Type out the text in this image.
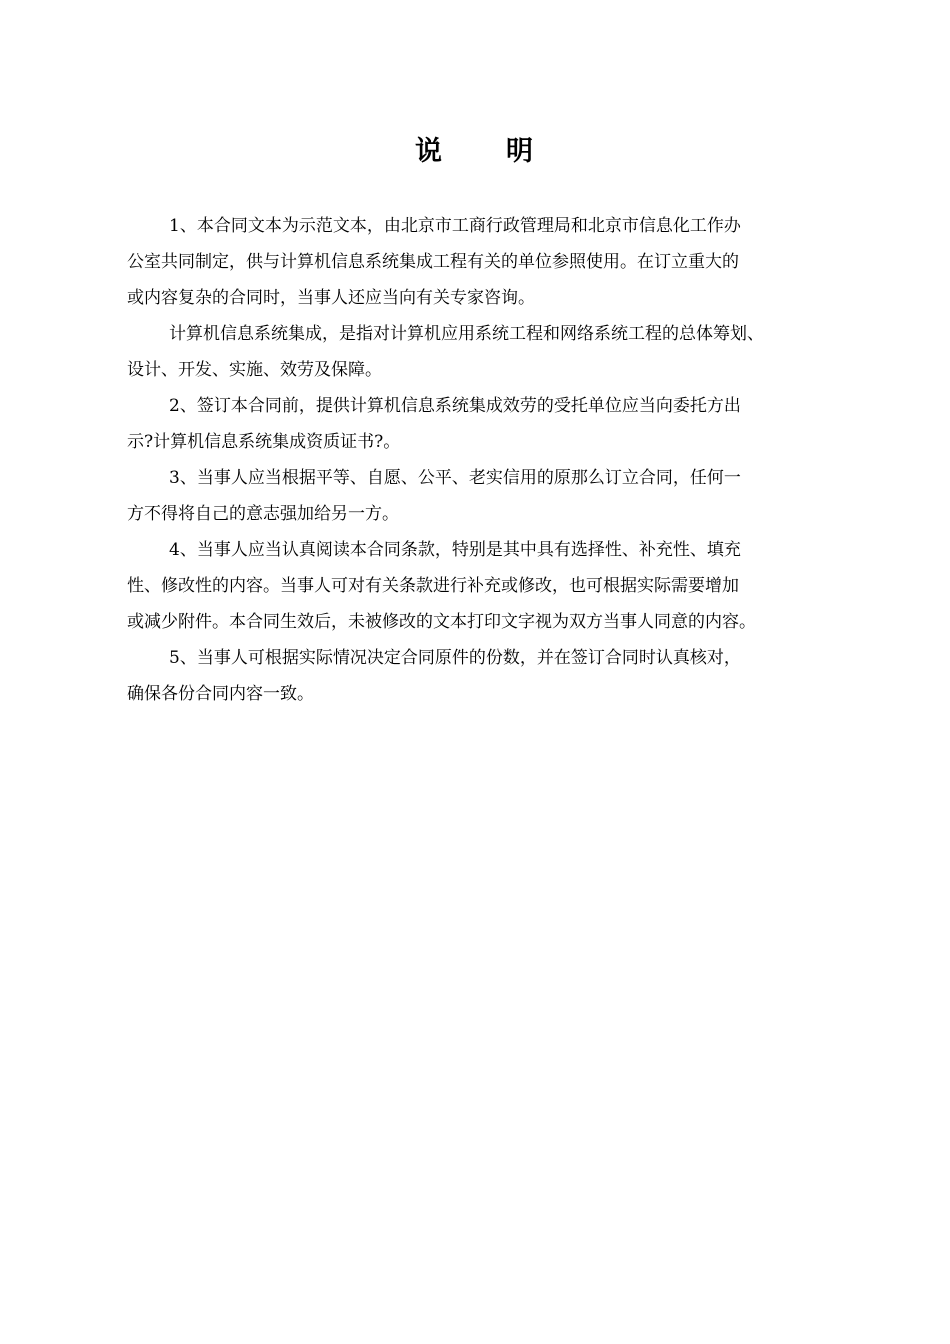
说 明
1、本合同文本为示范文本，由北京市工商行政管理局和北京市信息化工作办
公室共同制定，供与计算机信息系统集成工程有关的单位参照使用。在订立重大的
或内容复杂的合同时，当事人还应当向有关专家咨询。
计算机信息系统集成，是指对计算机应用系统工程和网络系统工程的总体筹划、
设计、开发、实施、效劳及保障。
2、签订本合同前，提供计算机信息系统集成效劳的受托单位应当向委托方出
示?计算机信息系统集成资质证书?。
3、当事人应当根据平等、自愿、公平、老实信用的原那么订立合同，任何一
方不得将自己的意志强加给另一方。
4、当事人应当认真阅读本合同条款，特别是其中具有选择性、补充性、填充
性、修改性的内容。当事人可对有关条款进行补充或修改，也可根据实际需要增加
或减少附件。本合同生效后，未被修改的文本打印文字视为双方当事人同意的内容。
5、当事人可根据实际情况决定合同原件的份数，并在签订合同时认真核对，
确保各份合同内容一致。
